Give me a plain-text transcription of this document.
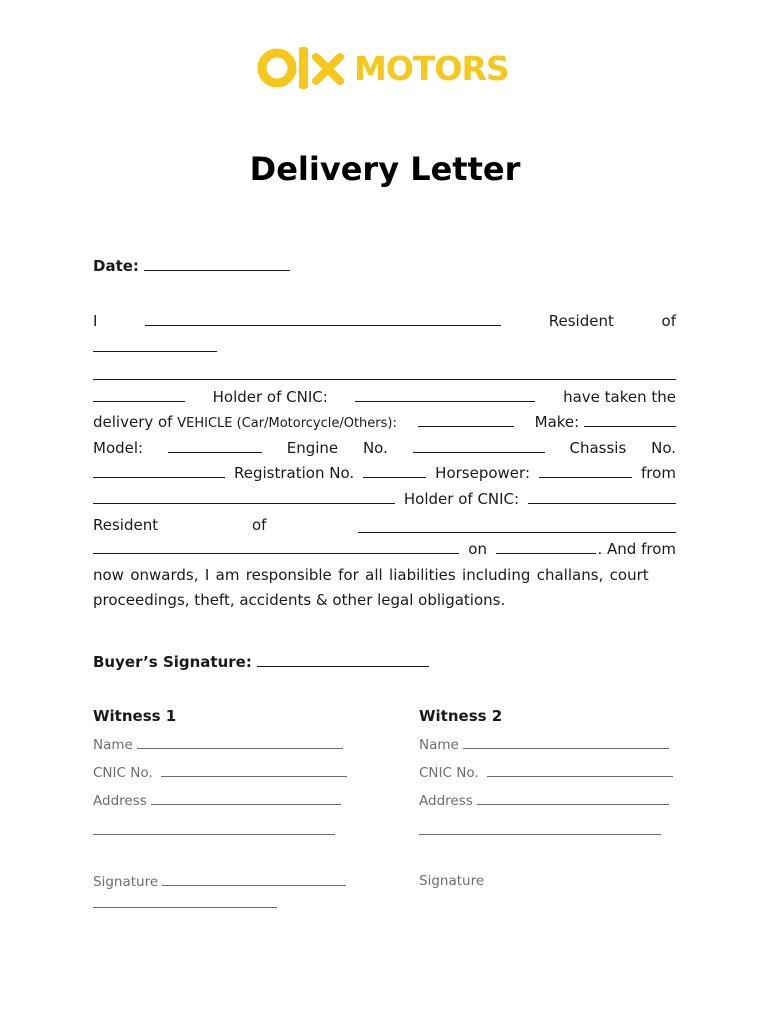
MOTORS
Delivery Letter
Date:
I	Resident	of
Holder of CNIC:	have taken the
delivery of VEHICLE (Car/Motorcycle/Others):	Make:
Model:	Engine No.	Chassis No.
Registration No.	Horsepower:	from
Holder of CNIC:
Resident	of
on	. And from
now onwards, I am responsible for all liabilities including challans, court
proceedings, theft, accidents & other legal obligations.
Buyer’s Signature:
Witness 1
Name
CNIC No.
Address
Signature
Witness 2
Name
CNIC No.
Address
Signature
